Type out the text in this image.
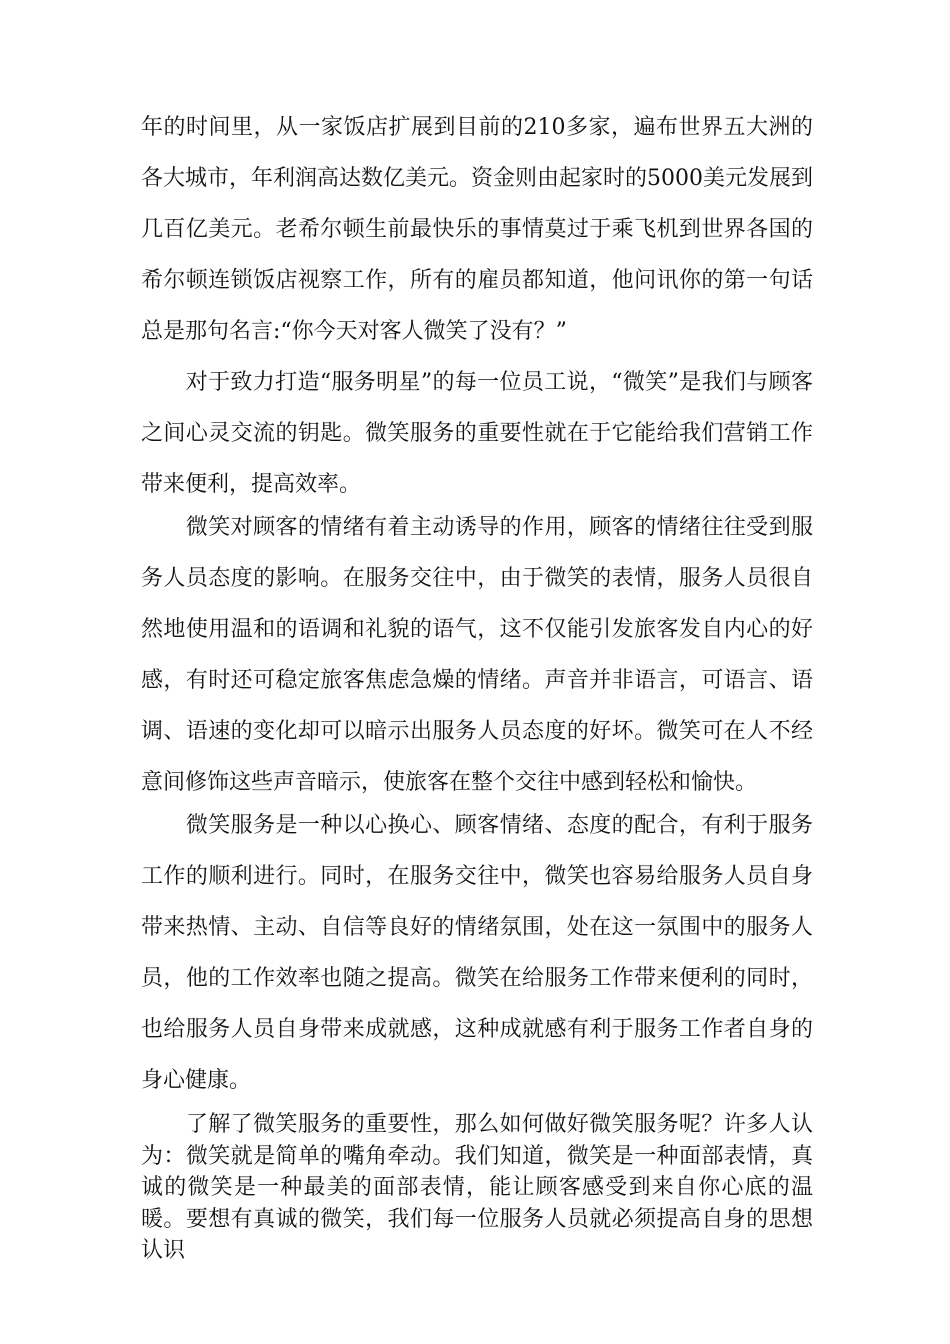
年的时间里，从一家饭店扩展到目前的210多家，遍布世界五大洲的各大城市，年利润高达数亿美元。资金则由起家时的5000美元发展到几百亿美元。老希尔顿生前最快乐的事情莫过于乘飞机到世界各国的希尔顿连锁饭店视察工作，所有的雇员都知道，他问讯你的第一句话总是那句名言:“你今天对客人微笑了没有？”

　　对于致力打造“服务明星”的每一位员工说，“微笑”是我们与顾客之间心灵交流的钥匙。微笑服务的重要性就在于它能给我们营销工作带来便利，提高效率。

　　微笑对顾客的情绪有着主动诱导的作用，顾客的情绪往往受到服务人员态度的影响。在服务交往中，由于微笑的表情，服务人员很自然地使用温和的语调和礼貌的语气，这不仅能引发旅客发自内心的好感，有时还可稳定旅客焦虑急燥的情绪。声音并非语言，可语言、语调、语速的变化却可以暗示出服务人员态度的好坏。微笑可在人不经意间修饰这些声音暗示，使旅客在整个交往中感到轻松和愉快。

　　微笑服务是一种以心换心、顾客情绪、态度的配合，有利于服务工作的顺利进行。同时，在服务交往中，微笑也容易给服务人员自身带来热情、主动、自信等良好的情绪氛围，处在这一氛围中的服务人员，他的工作效率也随之提高。微笑在给服务工作带来便利的同时，也给服务人员自身带来成就感，这种成就感有利于服务工作者自身的身心健康。

　　了解了微笑服务的重要性，那么如何做好微笑服务呢？许多人认为：微笑就是简单的嘴角牵动。我们知道，微笑是一种面部表情，真诚的微笑是一种最美的面部表情，能让顾客感受到来自你心底的温暖。要想有真诚的微笑，我们每一位服务人员就必须提高自身的思想认识
